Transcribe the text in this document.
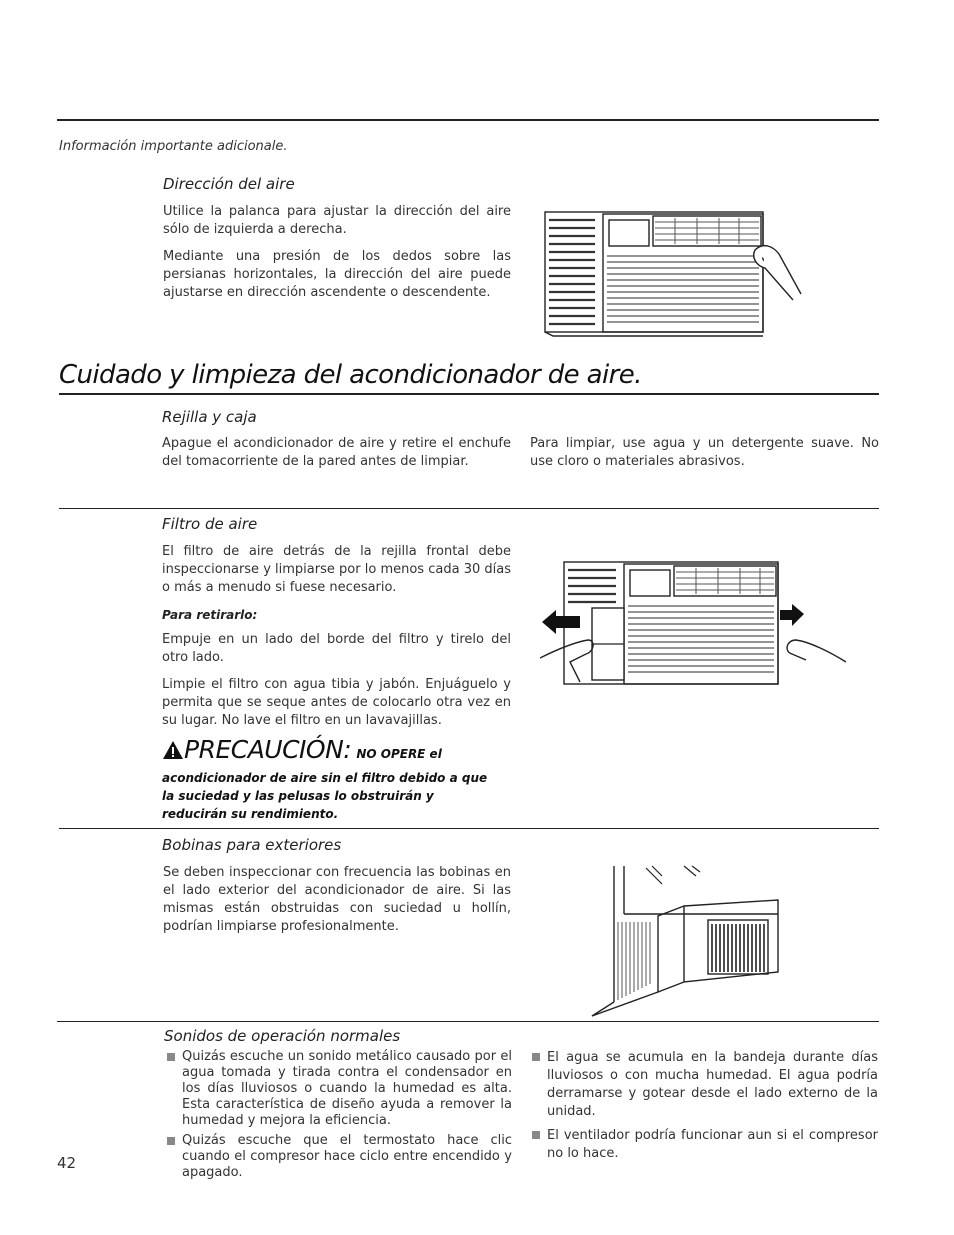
Información importante adicionale.
Dirección del aire

Utilice la palanca para ajustar la dirección del aire sólo de izquierda a derecha.

Mediante una presión de los dedos sobre las persianas horizontales, la dirección del aire puede ajustarse en dirección ascendente o descendente.

Cuidado y limpieza del acondicionador de aire.
Rejilla y caja
Apague el acondicionador de aire y retire el enchufe del tomacorriente de la pared antes de limpiar.
Para limpiar, use agua y un detergente suave. No use cloro o materiales abrasivos.
Filtro de aire

El filtro de aire detrás de la rejilla frontal debe inspeccionarse y limpiarse por lo menos cada 30 días o más a menudo si fuese necesario.

Para retirarlo:

Empuje en un lado del borde del filtro y tirelo del otro lado.

Limpie el filtro con agua tibia y jabón. Enjuáguelo y permita que se seque antes de colocarlo otra vez en su lugar. No lave el filtro en un lavavajillas.

PRECAUCIÓN: NO OPERE el
acondicionador de aire sin el filtro debido a que la suciedad y las pelusas lo obstruirán y reducirán su rendimiento.
Bobinas para exteriores
Se deben inspeccionar con frecuencia las bobinas en el lado exterior del acondicionador de aire. Si las mismas están obstruidas con suciedad u hollín, podrían limpiarse profesionalmente.
Sonidos de operación normales
Quizás escuche un sonido metálico causado por el agua tomada y tirada contra el condensador en los días lluviosos o cuando la humedad es alta. Esta característica de diseño ayuda a remover la humedad y mejora la eficiencia.
Quizás escuche que el termostato hace clic cuando el compresor hace ciclo entre encendido y apagado.
El agua se acumula en la bandeja durante días lluviosos o con mucha humedad. El agua podría derramarse y gotear desde el lado externo de la unidad.
El ventilador podría funcionar aun si el compresor no lo hace.
42
